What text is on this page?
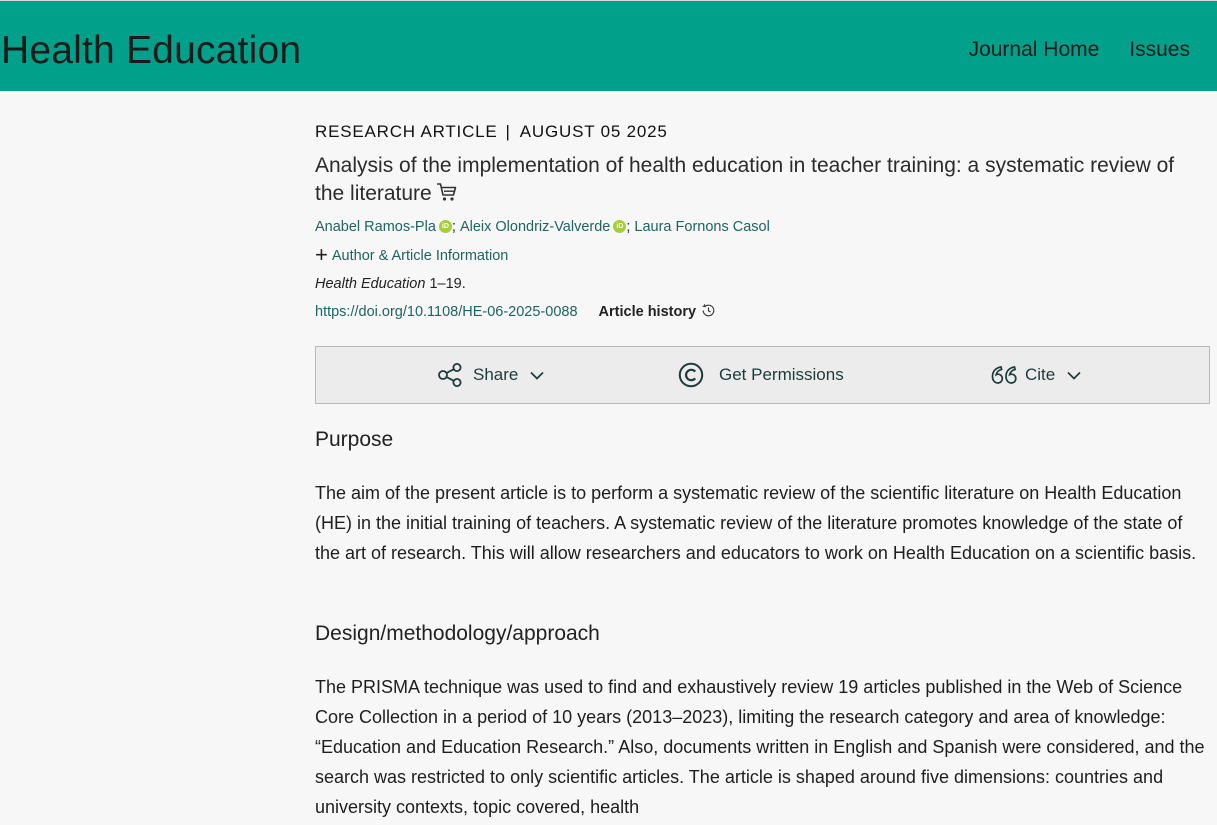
Health Education	Journal Home Issues
RESEARCH ARTICLE | AUGUST 05 2025
Analysis of the implementation of health education in teacher training: a systematic review of the literature
Anabel Ramos-Pla iD ; Aleix Olondriz-Valverde iD ; Laura Fornons Casol
+ Author & Article Information
Health Education 1–19.
https://doi.org/10.1108/HE-06-2025-0088 Article history
Share	Get Permissions	Cite
Purpose

The aim of the present article is to perform a systematic review of the scientific literature on Health Education (HE) in the initial training of teachers. A systematic review of the literature promotes knowledge of the state of the art of research. This will allow researchers and educators to work on Health Education on a scientific basis.

Design/methodology/approach

The PRISMA technique was used to find and exhaustively review 19 articles published in the Web of Science Core Collection in a period of 10 years (2013–2023), limiting the research category and area of knowledge: “Education and Education Research.” Also, documents written in English and Spanish were considered, and the search was restricted to only scientific articles. The article is shaped around five dimensions: countries and university contexts, topic covered, health
